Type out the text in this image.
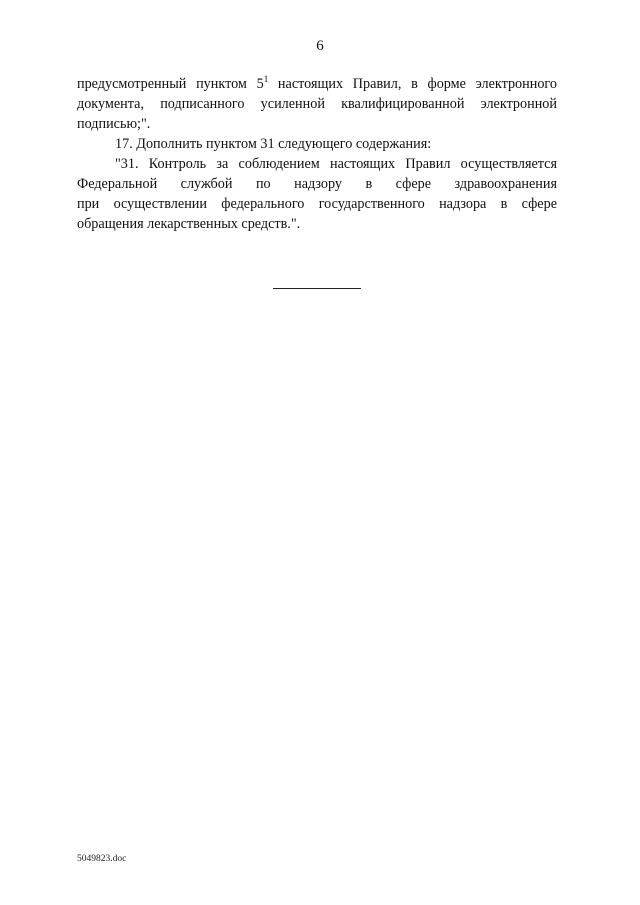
6
предусмотренный пунктом $5^1$ настоящих Правил, в форме электронного
документа, подписанного усиленной квалифицированной электронной
подписью;".
17. Дополнить пунктом 31 следующего содержания:
"31. Контроль за соблюдением настоящих Правил осуществляется
Федеральной службой по надзору в сфере здравоохранения
при осуществлении федерального государственного надзора в сфере
обращения лекарственных средств.".
5049823.doc
